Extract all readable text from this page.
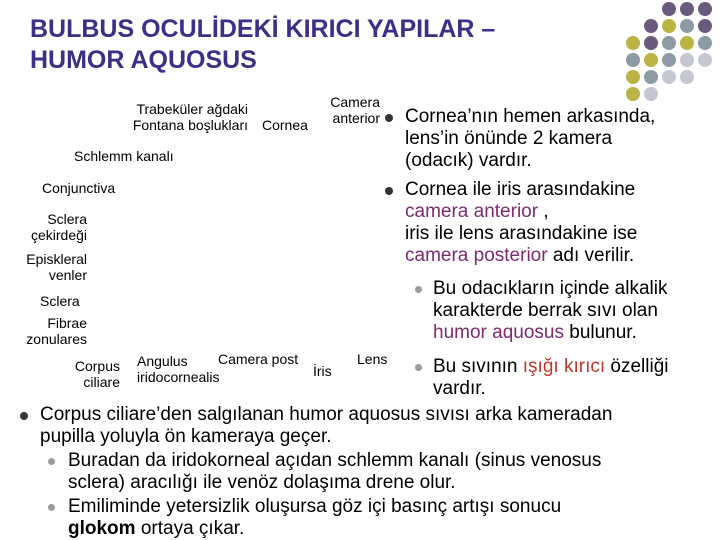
BULBUS OCULİDEKİ KIRICI YAPILAR –
HUMOR AQUOSUS
Trabeküler ağdaki
Fontana boşlukları Cornea
Camera
anterior
Schlemm kanalı
Conjunctiva
Sclera
çekirdeği
Episkleral
venler
Sclera
Fibrae
zonulares
Corpus
ciliare
Angulus
iridocornealis
Camera post
İris
Lens
Cornea’nın hemen arkasında,
lens’in önünde 2 kamera
(odacık) vardır.
Cornea ile iris arasındakine
camera anterior ,
iris ile lens arasındakine ise
camera posterior adı verilir.
Bu odacıkların içinde alkalik
karakterde berrak sıvı olan
humor aquosus bulunur.
Bu sıvının ışığı kırıcı özelliği
vardır.
Corpus ciliare’den salgılanan humor aquosus sıvısı arka kameradan
pupilla yoluyla ön kameraya geçer.
Buradan da iridokorneal açıdan schlemm kanalı (sinus venosus
sclera) aracılığı ile venöz dolaşıma drene olur.
Emiliminde yetersizlik oluşursa göz içi basınç artışı sonucu
glokom ortaya çıkar.
